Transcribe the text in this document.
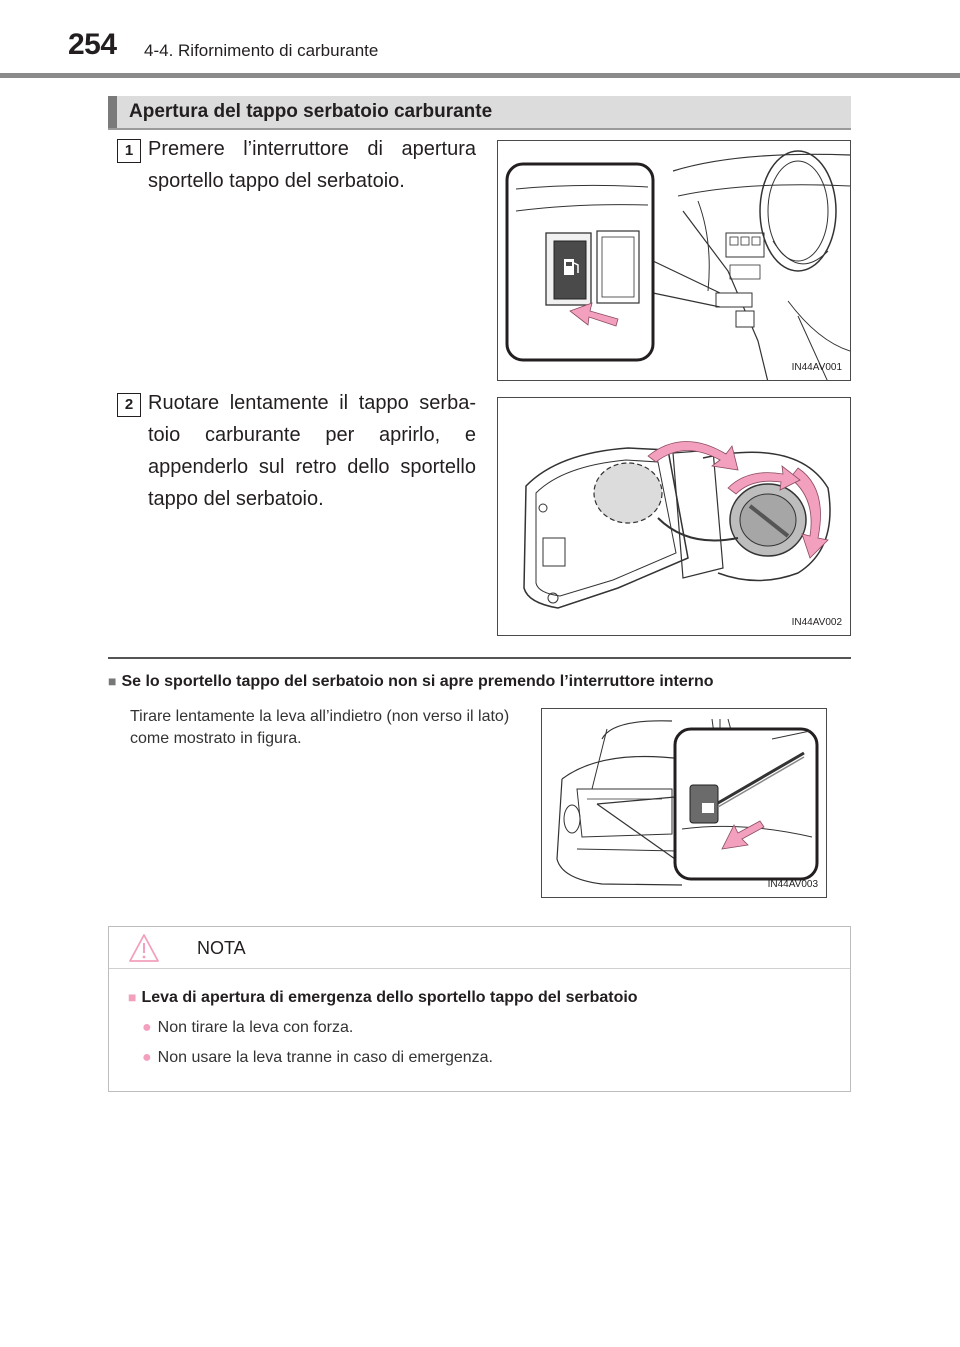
254 4-4. Rifornimento di carburante
Apertura del tappo serbatoio carburante
1 Premere l’interruttore di apertura sportello tappo del serbatoio.
IN44AV001
2 Ruotare lentamente il tappo serba-toio carburante per aprirlo, e appenderlo sul retro dello sportello tappo del serbatoio.
IN44AV002
■ Se lo sportello tappo del serbatoio non si apre premendo l’interruttore interno
Tirare lentamente la leva all’indietro (non verso il lato) come mostrato in figura.
IN44AV003
NOTA
■ Leva di apertura di emergenza dello sportello tappo del serbatoio
● Non tirare la leva con forza.
● Non usare la leva tranne in caso di emergenza.
